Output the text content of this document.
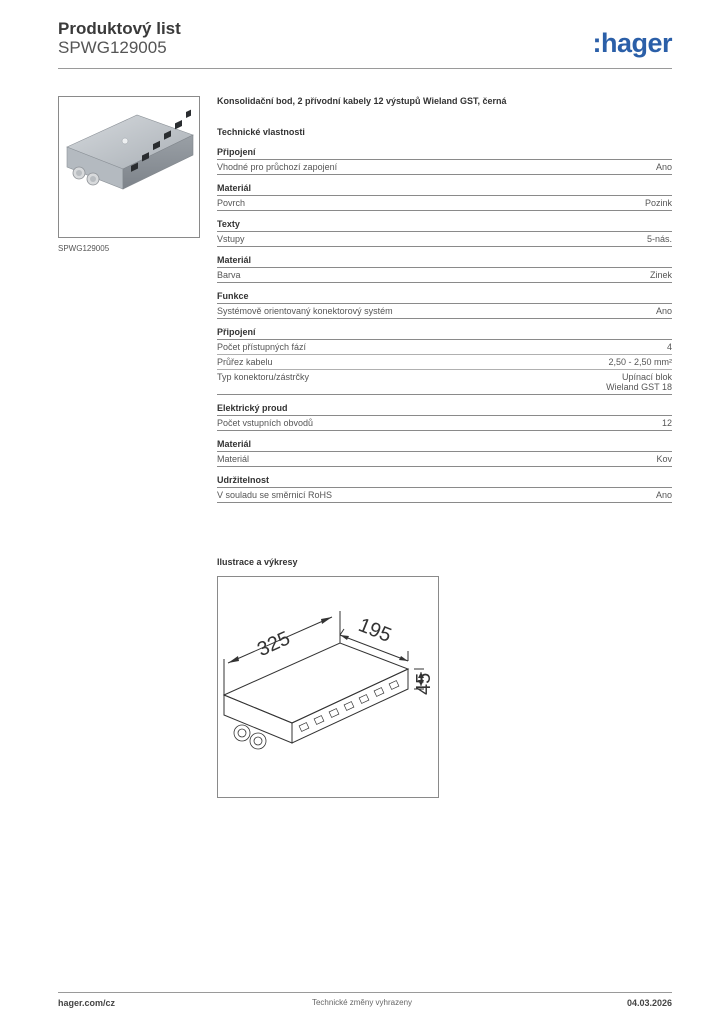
Produktový list
SPWG129005	:hager
SPWG129005
Konsolidační bod, 2 přívodní kabely 12 výstupů Wieland GST, černá
Technické vlastnosti
Připojení
Vhodné pro průchozí zapojení	Ano
Materiál
Povrch	Pozink
Texty
Vstupy	5-nás.
Materiál
Barva	Zinek
Funkce
Systémově orientovaný konektorový systém	Ano
Připojení
Počet přístupných fází	4
Průřez kabelu	2,50 - 2,50 mm²
Typ konektoru/zástrčky	Upínací blok
Wieland GST 18
Elektrický proud
Počet vstupních obvodů	12
Materiál
Materiál	Kov
Udržitelnost
V souladu se směrnicí RoHS	Ano
Ilustrace a výkresy
325	195
45
hager.com/cz	Technické změny vyhrazeny	04.03.2026
